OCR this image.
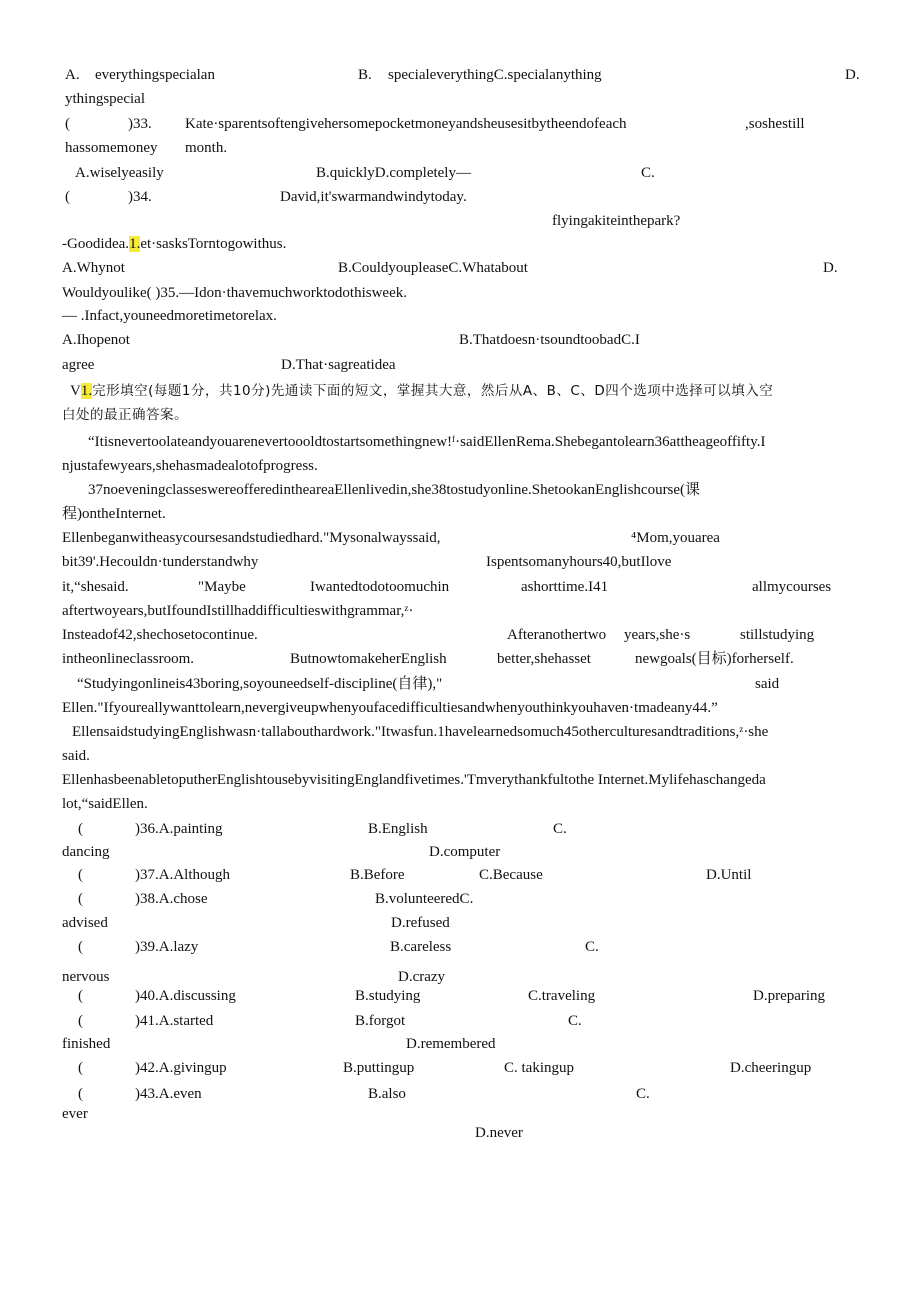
A. everythingspecialan	B. specialeverythingC.specialanything	D.
ythingspecial
(	)33. Kate·sparentsoftengivehersomepocketmoneyandsheusesitbytheendofeach	,soshestill
hassomemoney month.
A.wiselyeasily	B.quicklyD.completely—	C.
(	)34.	David,it'swarmandwindytoday.
flyingakiteinthepark?
-Goodidea.1.et·sasksTorntogowithus.
A.Whynot	B.CouldyoupleaseC.Whatabout	D.
Wouldyoulike( )35.—Idon·thavemuchworktodothisweek.
— .Infact,youneedmoretimetorelax.
A.Ihopenot	B.Thatdoesn·tsoundtoobadC.I
agree	D.That·sagreatidea
V1.完形填空(每题1分，共10分)先通读下面的短文，掌握其大意，然后从A、B、C、D四个选项中选择可以填入空
白处的最正确答案。
“Itisnevertoolateandyouarenevertoooldtostartsomethingnew!ᶠ·saidEllenRema.Shebegantolearn36attheageoffifty.I
njustafewyears,shehasmadealotofprogress.
37noeveningclasseswereofferedintheareaEllenlivedin,she38tostudyonline.ShetookanEnglishcourse(课
程)ontheInternet.
Ellenbeganwitheasycoursesandstudiedhard."Mysonalwayssaid,	⁴Mom,youarea
bit39'.Hecouldn·tunderstandwhy	Ispentsomanyhours40,butIlove
it,“shesaid.	"Maybe	Iwantedtodotoomuchin	ashorttime.I41	allmycourses
aftertwoyears,butIfoundIstillhaddifficultieswithgrammar,ᶻ·
Insteadof42,shechosetocontinue.	Afteranothertwo years,she·s	stillstudying
intheonlineclassroom.	ButnowtomakeherEnglish	better,shehasset	newgoals(目标)forherself.
“Studyingonlineis43boring,soyouneedself-discipline(自律),"	said
Ellen."Ifyoureallywanttolearn,nevergiveupwhenyoufacedifficultiesandwhenyouthinkyouhaven·tmadeany44.”
EllensaidstudyingEnglishwasn·tallabouthardwork."Itwasfun.1havelearnedsomuch45otherculturesandtraditions,ᶻ·she
said.
EllenhasbeenabletoputherEnglishtousebyvisitingEnglandfivetimes.'Tmverythankfultothe Internet.Mylifehaschangeda
lot,“saidEllen.
(	)36.A.painting	B.English	C.
dancing	D.computer
(	)37.A.Although	B.Before	C.Because	D.Until
(	)38.A.chose	B.volunteeredC.
advised	D.refused
(	)39.A.lazy	B.careless	C.
nervous	D.crazy
(	)40.A.discussing	B.studying	C.traveling	D.preparing
(	)41.A.started	B.forgot	C.
finished	D.remembered
(	)42.A.givingup	B.puttingup	C. takingup	D.cheeringup
(	)43.A.even	B.also	C.
ever
D.never
